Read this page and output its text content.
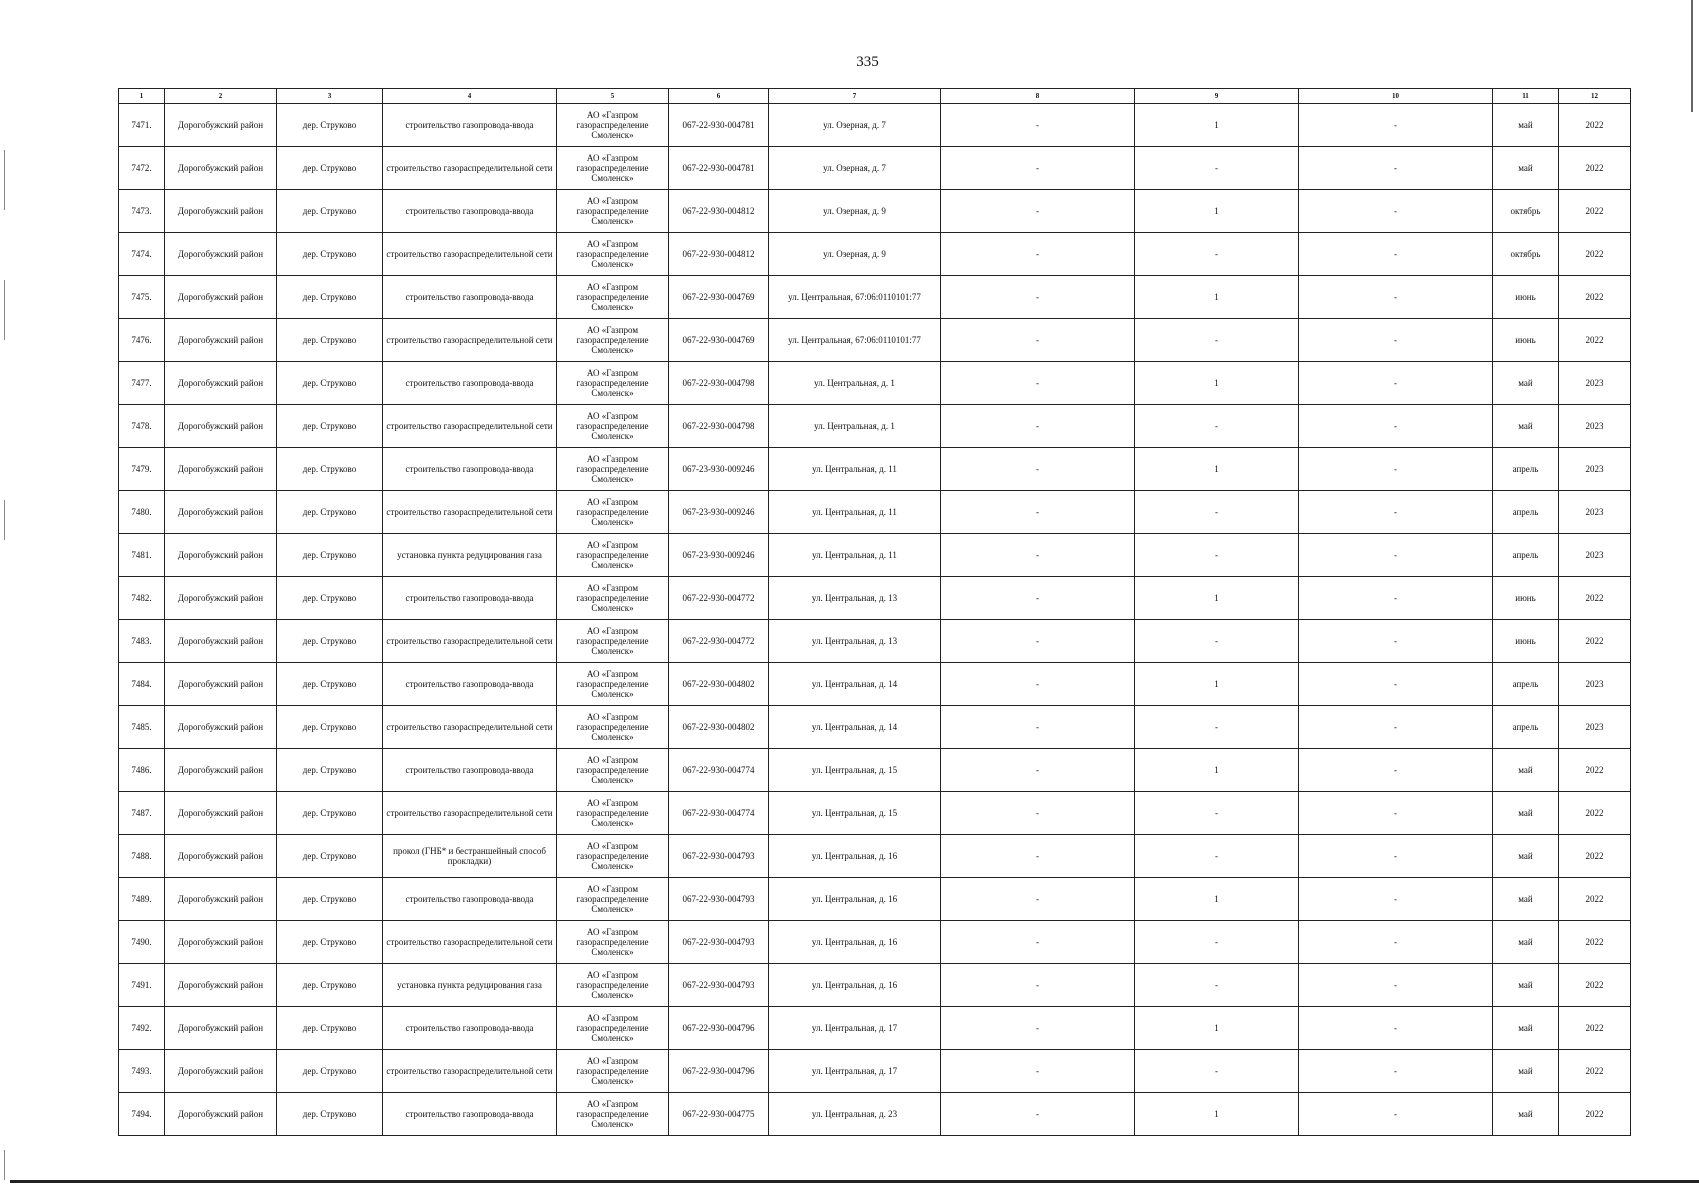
335
1	2	3	4	5	6	7	8	9	10	11	12
7471.	Дорогобужский район	дер. Струково	строительство газопровода-ввода	АО «Газпром газораспределение Смоленск»	067-22-930-004781	ул. Озерная, д. 7	-	1	-	май	2022
7472.	Дорогобужский район	дер. Струково	строительство газораспределительной сети	АО «Газпром газораспределение Смоленск»	067-22-930-004781	ул. Озерная, д. 7	-	-	-	май	2022
7473.	Дорогобужский район	дер. Струково	строительство газопровода-ввода	АО «Газпром газораспределение Смоленск»	067-22-930-004812	ул. Озерная, д. 9	-	1	-	октябрь	2022
7474.	Дорогобужский район	дер. Струково	строительство газораспределительной сети	АО «Газпром газораспределение Смоленск»	067-22-930-004812	ул. Озерная, д. 9	-	-	-	октябрь	2022
7475.	Дорогобужский район	дер. Струково	строительство газопровода-ввода	АО «Газпром газораспределение Смоленск»	067-22-930-004769	ул. Центральная, 67:06:0110101:77	-	1	-	июнь	2022
7476.	Дорогобужский район	дер. Струково	строительство газораспределительной сети	АО «Газпром газораспределение Смоленск»	067-22-930-004769	ул. Центральная, 67:06:0110101:77	-	-	-	июнь	2022
7477.	Дорогобужский район	дер. Струково	строительство газопровода-ввода	АО «Газпром газораспределение Смоленск»	067-22-930-004798	ул. Центральная, д. 1	-	1	-	май	2023
7478.	Дорогобужский район	дер. Струково	строительство газораспределительной сети	АО «Газпром газораспределение Смоленск»	067-22-930-004798	ул. Центральная, д. 1	-	-	-	май	2023
7479.	Дорогобужский район	дер. Струково	строительство газопровода-ввода	АО «Газпром газораспределение Смоленск»	067-23-930-009246	ул. Центральная, д. 11	-	1	-	апрель	2023
7480.	Дорогобужский район	дер. Струково	строительство газораспределительной сети	АО «Газпром газораспределение Смоленск»	067-23-930-009246	ул. Центральная, д. 11	-	-	-	апрель	2023
7481.	Дорогобужский район	дер. Струково	установка пункта редуцирования газа	АО «Газпром газораспределение Смоленск»	067-23-930-009246	ул. Центральная, д. 11	-	-	-	апрель	2023
7482.	Дорогобужский район	дер. Струково	строительство газопровода-ввода	АО «Газпром газораспределение Смоленск»	067-22-930-004772	ул. Центральная, д. 13	-	1	-	июнь	2022
7483.	Дорогобужский район	дер. Струково	строительство газораспределительной сети	АО «Газпром газораспределение Смоленск»	067-22-930-004772	ул. Центральная, д. 13	-	-	-	июнь	2022
7484.	Дорогобужский район	дер. Струково	строительство газопровода-ввода	АО «Газпром газораспределение Смоленск»	067-22-930-004802	ул. Центральная, д. 14	-	1	-	апрель	2023
7485.	Дорогобужский район	дер. Струково	строительство газораспределительной сети	АО «Газпром газораспределение Смоленск»	067-22-930-004802	ул. Центральная, д. 14	-	-	-	апрель	2023
7486.	Дорогобужский район	дер. Струково	строительство газопровода-ввода	АО «Газпром газораспределение Смоленск»	067-22-930-004774	ул. Центральная, д. 15	-	1	-	май	2022
7487.	Дорогобужский район	дер. Струково	строительство газораспределительной сети	АО «Газпром газораспределение Смоленск»	067-22-930-004774	ул. Центральная, д. 15	-	-	-	май	2022
7488.	Дорогобужский район	дер. Струково	прокол (ГНБ* и бестраншейный способ прокладки)	АО «Газпром газораспределение Смоленск»	067-22-930-004793	ул. Центральная, д. 16	-	-	-	май	2022
7489.	Дорогобужский район	дер. Струково	строительство газопровода-ввода	АО «Газпром газораспределение Смоленск»	067-22-930-004793	ул. Центральная, д. 16	-	1	-	май	2022
7490.	Дорогобужский район	дер. Струково	строительство газораспределительной сети	АО «Газпром газораспределение Смоленск»	067-22-930-004793	ул. Центральная, д. 16	-	-	-	май	2022
7491.	Дорогобужский район	дер. Струково	установка пункта редуцирования газа	АО «Газпром газораспределение Смоленск»	067-22-930-004793	ул. Центральная, д. 16	-	-	-	май	2022
7492.	Дорогобужский район	дер. Струково	строительство газопровода-ввода	АО «Газпром газораспределение Смоленск»	067-22-930-004796	ул. Центральная, д. 17	-	1	-	май	2022
7493.	Дорогобужский район	дер. Струково	строительство газораспределительной сети	АО «Газпром газораспределение Смоленск»	067-22-930-004796	ул. Центральная, д. 17	-	-	-	май	2022
7494.	Дорогобужский район	дер. Струково	строительство газопровода-ввода	АО «Газпром газораспределение Смоленск»	067-22-930-004775	ул. Центральная, д. 23	-	1	-	май	2022
